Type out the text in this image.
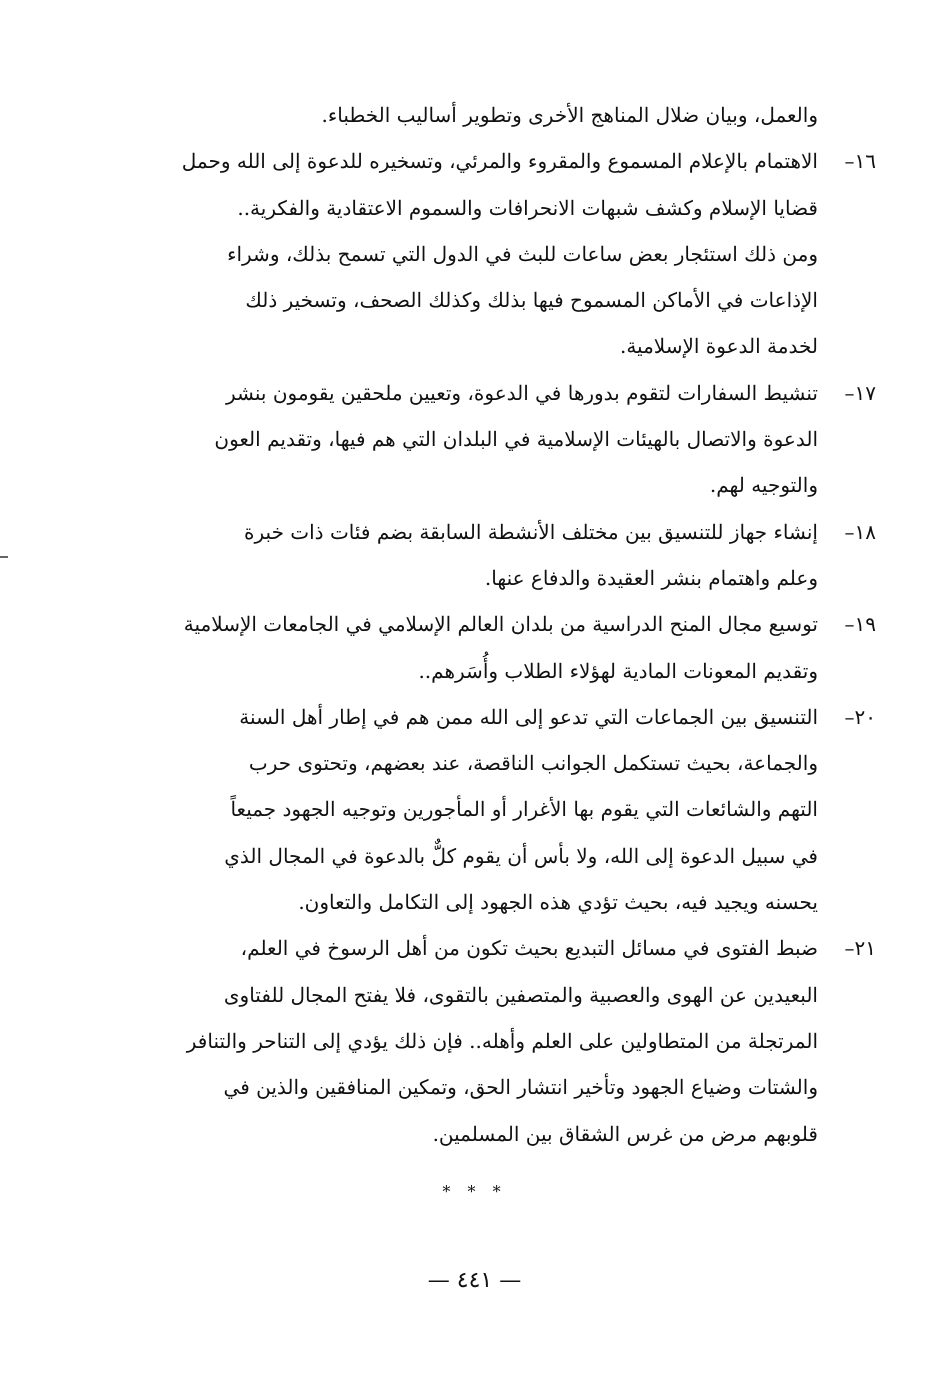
والعمل، وبيان ضلال المناهج الأخرى وتطوير أساليب الخطباء.
١٦–
الاهتمام بالإعلام المسموع والمقروء والمرئي، وتسخيره للدعوة إلى الله وحمل
قضايا الإسلام وكشف شبهات الانحرافات والسموم الاعتقادية والفكرية..
ومن ذلك استئجار بعض ساعات للبث في الدول التي تسمح بذلك، وشراء
الإذاعات في الأماكن المسموح فيها بذلك وكذلك الصحف، وتسخير ذلك
لخدمة الدعوة الإسلامية.
١٧–
تنشيط السفارات لتقوم بدورها في الدعوة، وتعيين ملحقين يقومون بنشر
الدعوة والاتصال بالهيئات الإسلامية في البلدان التي هم فيها، وتقديم العون
والتوجيه لهم.
١٨–
إنشاء جهاز للتنسيق بين مختلف الأنشطة السابقة بضم فئات ذات خبرة
وعلم واهتمام بنشر العقيدة والدفاع عنها.
١٩–
توسيع مجال المنح الدراسية من بلدان العالم الإسلامي في الجامعات الإسلامية
وتقديم المعونات المادية لهؤلاء الطلاب وأُسَرهم..
٢٠–
التنسيق بين الجماعات التي تدعو إلى الله ممن هم في إطار أهل السنة
والجماعة، بحيث تستكمل الجوانب الناقصة، عند بعضهم، وتحتوى حرب
التهم والشائعات التي يقوم بها الأغرار أو المأجورين وتوجيه الجهود جميعاً
في سبيل الدعوة إلى الله، ولا بأس أن يقوم كلٌّ بالدعوة في المجال الذي
يحسنه ويجيد فيه، بحيث تؤدي هذه الجهود إلى التكامل والتعاون.
٢١–
ضبط الفتوى في مسائل التبديع بحيث تكون من أهل الرسوخ في العلم،
البعيدين عن الهوى والعصبية والمتصفين بالتقوى، فلا يفتح المجال للفتاوى
المرتجلة من المتطاولين على العلم وأهله.. فإن ذلك يؤدي إلى التناحر والتنافر
والشتات وضياع الجهود وتأخير انتشار الحق، وتمكين المنافقين والذين في
قلوبهم مرض من غرس الشقاق بين المسلمين.
* * *
— ٤٤١ —
